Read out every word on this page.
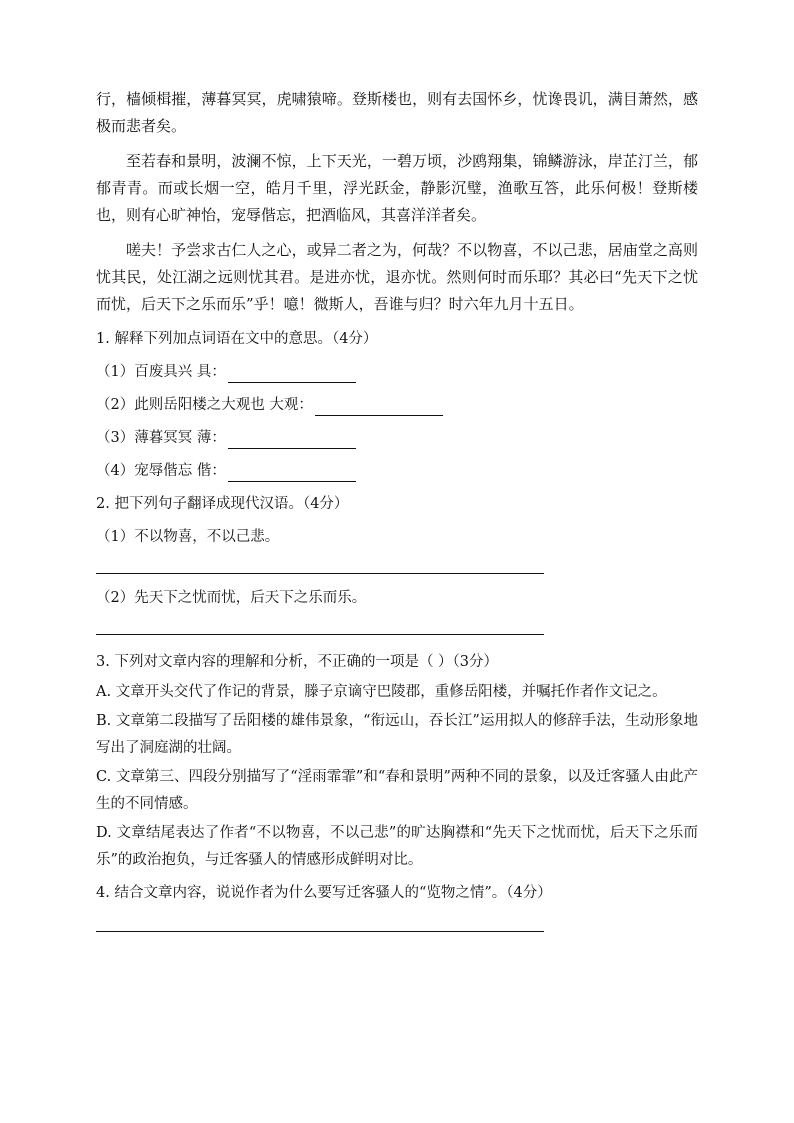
行，樯倾楫摧，薄暮冥冥，虎啸猿啼。登斯楼也，则有去国怀乡，忧谗畏讥，满目萧然，感极而悲者矣。

至若春和景明，波澜不惊，上下天光，一碧万顷，沙鸥翔集，锦鳞游泳，岸芷汀兰，郁郁青青。而或长烟一空，皓月千里，浮光跃金，静影沉璧，渔歌互答，此乐何极！登斯楼也，则有心旷神怡，宠辱偕忘，把酒临风，其喜洋洋者矣。

嗟夫！予尝求古仁人之心，或异二者之为，何哉？不以物喜，不以己悲，居庙堂之高则忧其民，处江湖之远则忧其君。是进亦忧，退亦忧。然则何时而乐耶？其必曰“先天下之忧而忧，后天下之乐而乐”乎！噫！微斯人，吾谁与归？时六年九月十五日。

1. 解释下列加点词语在文中的意思。（4分）

（1）百废具兴 具：
（2）此则岳阳楼之大观也 大观：
（3）薄暮冥冥 薄：
（4）宠辱偕忘 偕：

2. 把下列句子翻译成现代汉语。（4分）

（1）不以物喜，不以己悲。

（2）先天下之忧而忧，后天下之乐而乐。

3. 下列对文章内容的理解和分析，不正确的一项是（ ）（3分）

A. 文章开头交代了作记的背景，滕子京谪守巴陵郡，重修岳阳楼，并嘱托作者作文记之。

B. 文章第二段描写了岳阳楼的雄伟景象，“衔远山，吞长江”运用拟人的修辞手法，生动形象地写出了洞庭湖的壮阔。

C. 文章第三、四段分别描写了“淫雨霏霏”和“春和景明”两种不同的景象，以及迁客骚人由此产生的不同情感。

D. 文章结尾表达了作者“不以物喜，不以己悲”的旷达胸襟和“先天下之忧而忧，后天下之乐而乐”的政治抱负，与迁客骚人的情感形成鲜明对比。

4. 结合文章内容，说说作者为什么要写迁客骚人的“览物之情”。（4分）
